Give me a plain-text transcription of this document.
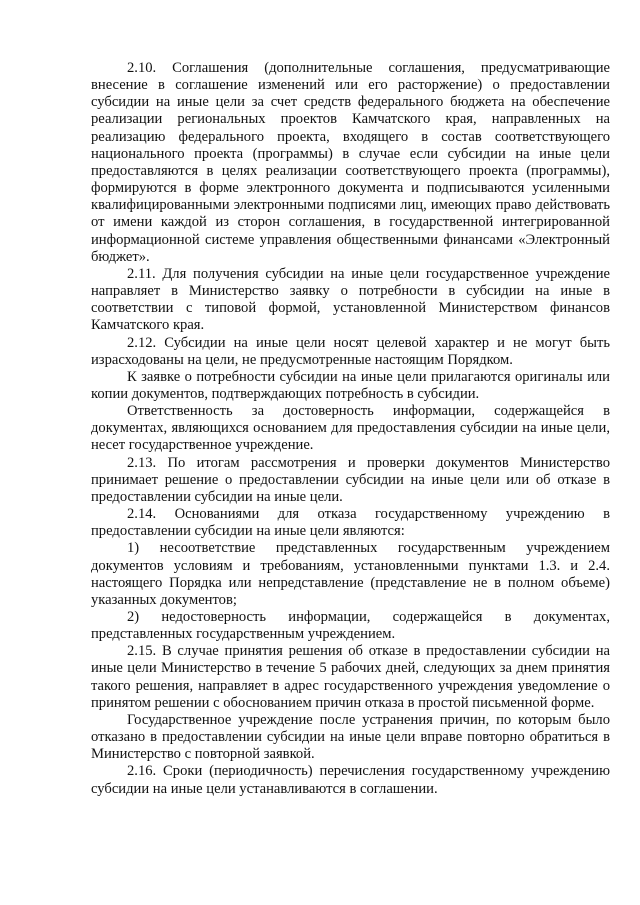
2.10. Соглашения (дополнительные соглашения, предусматривающие внесение в соглашение изменений или его расторжение) о предоставлении субсидии на иные цели за счет средств федерального бюджета на обеспечение реализации региональных проектов Камчатского края, направленных на реализацию федерального проекта, входящего в состав соответствующего национального проекта (программы) в случае если субсидии на иные цели предоставляются в целях реализации соответствующего проекта (программы), формируются в форме электронного документа и подписываются усиленными квалифицированными электронными подписями лиц, имеющих право действовать от имени каждой из сторон соглашения, в государственной интегрированной информационной системе управления общественными финансами «Электронный бюджет».

2.11. Для получения субсидии на иные цели государственное учреждение направляет в Министерство заявку о потребности в субсидии на иные в соответствии с типовой формой, установленной Министерством финансов Камчатского края.

2.12. Субсидии на иные цели носят целевой характер и не могут быть израсходованы на цели, не предусмотренные настоящим Порядком.

К заявке о потребности субсидии на иные цели прилагаются оригиналы или копии документов, подтверждающих потребность в субсидии.

Ответственность за достоверность информации, содержащейся в документах, являющихся основанием для предоставления субсидии на иные цели, несет государственное учреждение.

2.13. По итогам рассмотрения и проверки документов Министерство принимает решение о предоставлении субсидии на иные цели или об отказе в предоставлении субсидии на иные цели.

2.14. Основаниями для отказа государственному учреждению в предоставлении субсидии на иные цели являются:

1) несоответствие представленных государственным учреждением документов условиям и требованиям, установленными пунктами 1.3. и 2.4. настоящего Порядка или непредставление (представление не в полном объеме) указанных документов;

2) недостоверность информации, содержащейся в документах, представленных государственным учреждением.

2.15. В случае принятия решения об отказе в предоставлении субсидии на иные цели Министерство в течение 5 рабочих дней, следующих за днем принятия такого решения, направляет в адрес государственного учреждения уведомление о принятом решении с обоснованием причин отказа в простой письменной форме.

Государственное учреждение после устранения причин, по которым было отказано в предоставлении субсидии на иные цели вправе повторно обратиться в Министерство с повторной заявкой.

2.16. Сроки (периодичность) перечисления государственному учреждению субсидии на иные цели устанавливаются в соглашении.
